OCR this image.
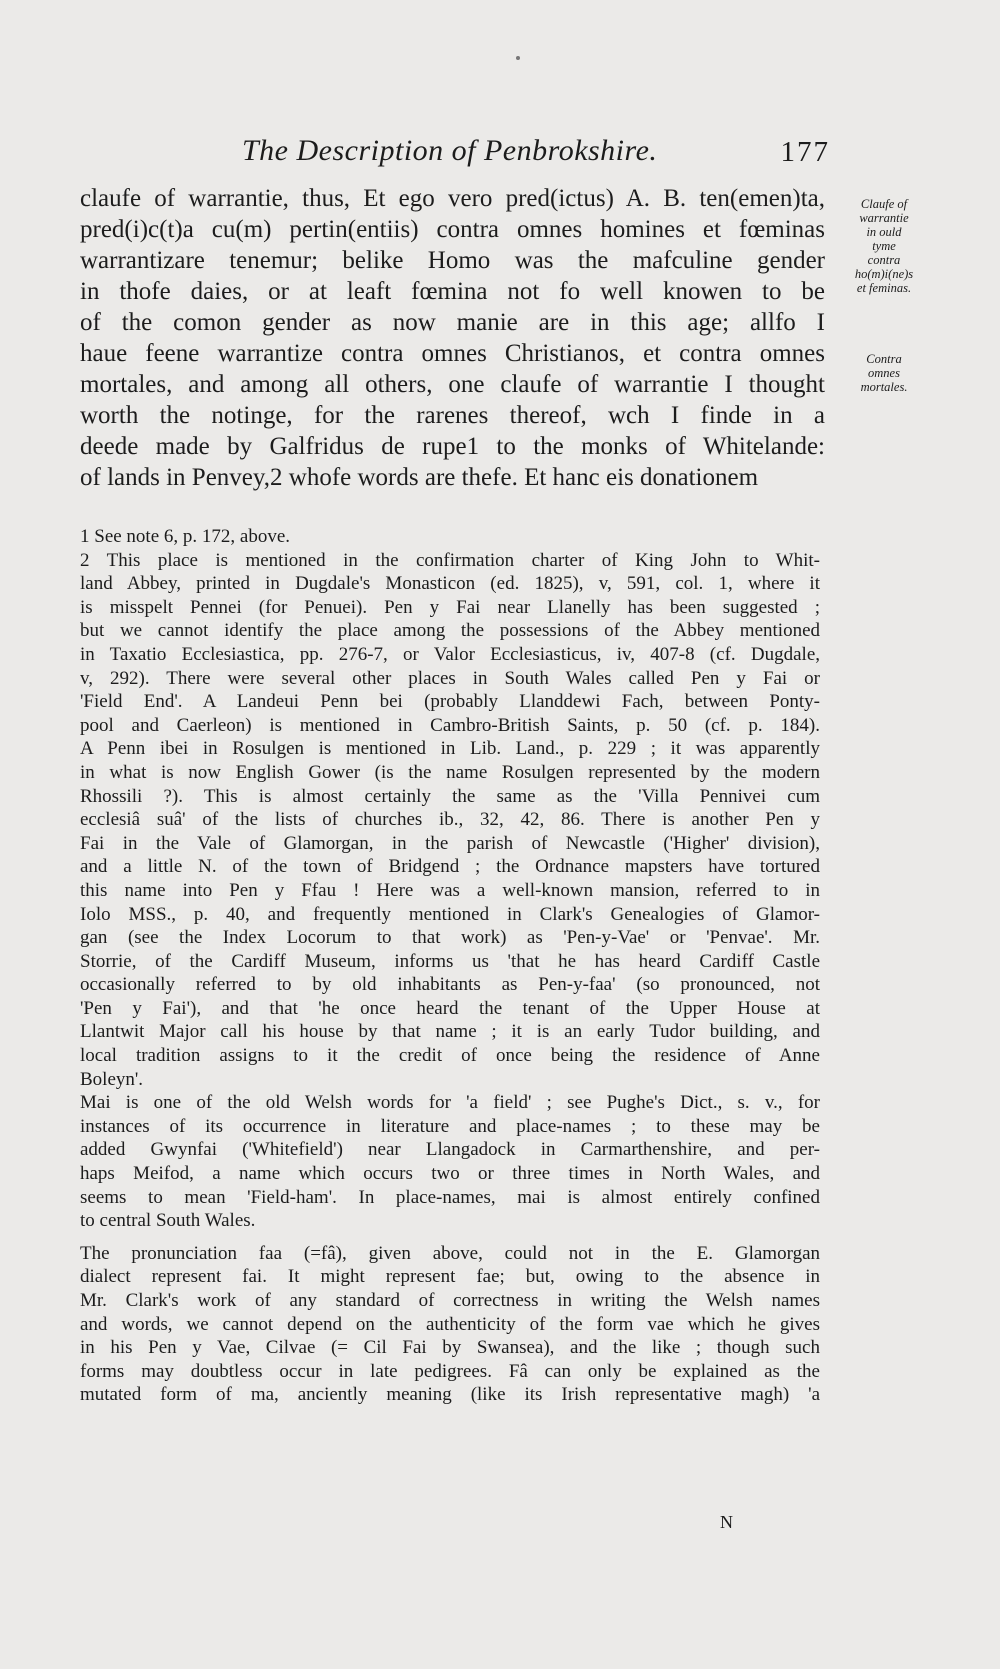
The Description of Penbrokshire.	177
claufe of warrantie, thus, Et ego vero pred(ictus) A. B. ten(emen)ta,
pred(i)c(t)a cu(m) pertin(entiis) contra omnes homines et fœminas
warrantizare tenemur; belike Homo was the mafculine gender
in thofe daies, or at leaft fœmina not fo well knowen to be
of the comon gender as now manie are in this age; allfo I
haue feene warrantize contra omnes Christianos, et contra omnes
mortales, and among all others, one claufe of warrantie I thought
worth the notinge, for the rarenes thereof, wch I finde in a
deede made by Galfridus de rupe1 to the monks of Whitelande:
of lands in Penvey,2 whofe words are thefe. Et hanc eis donationem
Claufe of
warrantie
in ould
tyme
contra
ho(m)i(ne)s
et feminas.
Contra
omnes
mortales.
1 See note 6, p. 172, above.
2 This place is mentioned in the confirmation charter of King John to Whit-
land Abbey, printed in Dugdale's Monasticon (ed. 1825), v, 591, col. 1, where it
is misspelt Pennei (for Penuei). Pen y Fai near Llanelly has been suggested ;
but we cannot identify the place among the possessions of the Abbey mentioned
in Taxatio Ecclesiastica, pp. 276-7, or Valor Ecclesiasticus, iv, 407-8 (cf. Dugdale,
v, 292). There were several other places in South Wales called Pen y Fai or
'Field End'. A Landeui Penn bei (probably Llanddewi Fach, between Ponty-
pool and Caerleon) is mentioned in Cambro-British Saints, p. 50 (cf. p. 184).
A Penn ibei in Rosulgen is mentioned in Lib. Land., p. 229 ; it was apparently
in what is now English Gower (is the name Rosulgen represented by the modern
Rhossili ?). This is almost certainly the same as the 'Villa Pennivei cum
ecclesiâ suâ' of the lists of churches ib., 32, 42, 86. There is another Pen y
Fai in the Vale of Glamorgan, in the parish of Newcastle ('Higher' division),
and a little N. of the town of Bridgend ; the Ordnance mapsters have tortured
this name into Pen y Ffau ! Here was a well-known mansion, referred to in
Iolo MSS., p. 40, and frequently mentioned in Clark's Genealogies of Glamor-
gan (see the Index Locorum to that work) as 'Pen-y-Vae' or 'Penvae'. Mr.
Storrie, of the Cardiff Museum, informs us 'that he has heard Cardiff Castle
occasionally referred to by old inhabitants as Pen-y-faa' (so pronounced, not
'Pen y Fai'), and that 'he once heard the tenant of the Upper House at
Llantwit Major call his house by that name ; it is an early Tudor building, and
local tradition assigns to it the credit of once being the residence of Anne
Boleyn'.
Mai is one of the old Welsh words for 'a field' ; see Pughe's Dict., s. v., for
instances of its occurrence in literature and place-names ; to these may be
added Gwynfai ('Whitefield') near Llangadock in Carmarthenshire, and per-
haps Meifod, a name which occurs two or three times in North Wales, and
seems to mean 'Field-ham'. In place-names, mai is almost entirely confined
to central South Wales.
The pronunciation faa (=fâ), given above, could not in the E. Glamorgan
dialect represent fai. It might represent fae; but, owing to the absence in
Mr. Clark's work of any standard of correctness in writing the Welsh names
and words, we cannot depend on the authenticity of the form vae which he gives
in his Pen y Vae, Cilvae (= Cil Fai by Swansea), and the like ; though such
forms may doubtless occur in late pedigrees. Fâ can only be explained as the
mutated form of ma, anciently meaning (like its Irish representative magh) 'a
N
